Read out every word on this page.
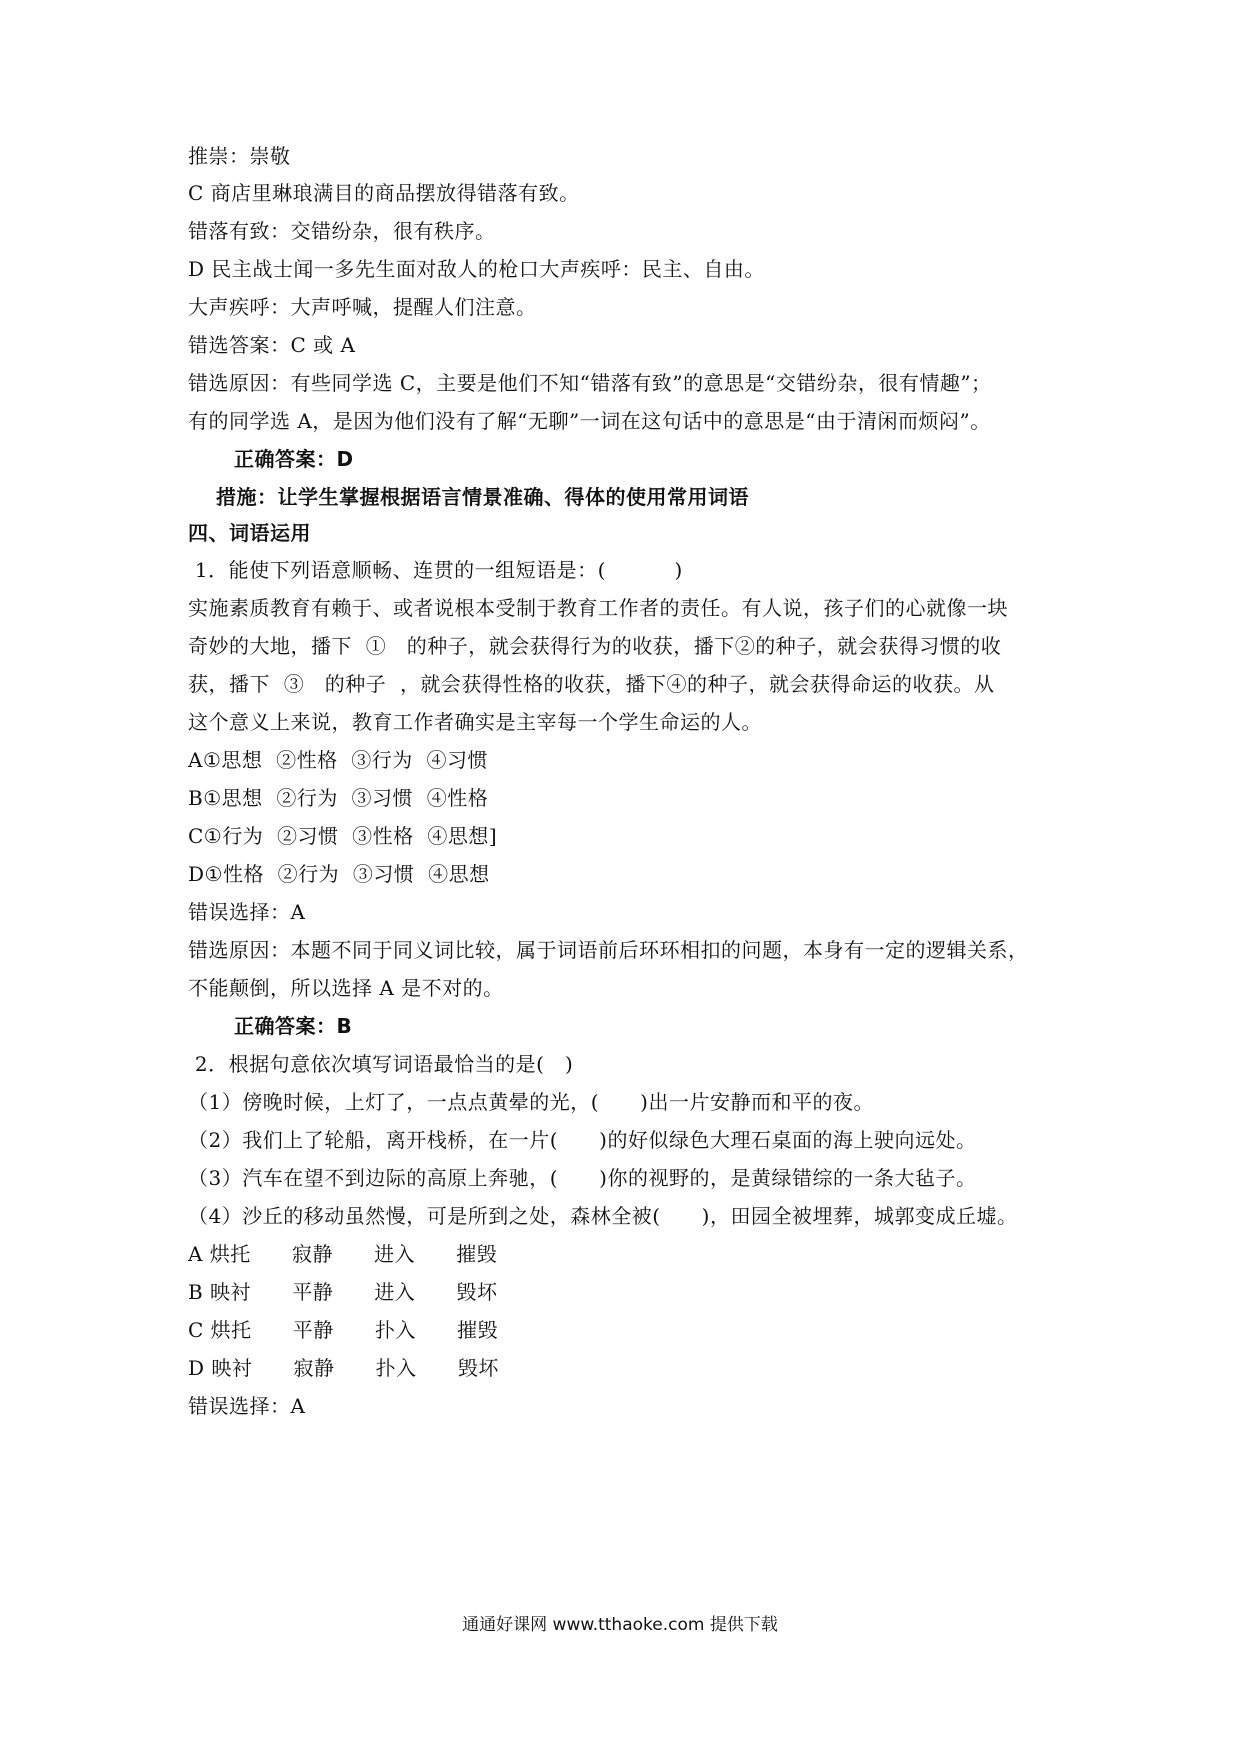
推崇：崇敬
C 商店里琳琅满目的商品摆放得错落有致。
错落有致：交错纷杂，很有秩序。
D 民主战士闻一多先生面对敌人的枪口大声疾呼：民主、自由。
大声疾呼：大声呼喊，提醒人们注意。
错选答案：C 或 A
错选原因：有些同学选 C，主要是他们不知“错落有致”的意思是“交错纷杂，很有情趣”；
有的同学选 A，是因为他们没有了解“无聊”一词在这句话中的意思是“由于清闲而烦闷”。
正确答案：D
措施：让学生掌握根据语言情景准确、得体的使用常用词语
四、词语运用
1．能使下列语意顺畅、连贯的一组短语是：(          )
实施素质教育有赖于、或者说根本受制于教育工作者的责任。有人说，孩子们的心就像一块
奇妙的大地，播下  ①   的种子，就会获得行为的收获，播下②的种子，就会获得习惯的收
获，播下  ③   的种子  ，就会获得性格的收获，播下④的种子，就会获得命运的收获。从
这个意义上来说，教育工作者确实是主宰每一个学生命运的人。
A①思想  ②性格  ③行为  ④习惯
B①思想  ②行为  ③习惯  ④性格
C①行为  ②习惯  ③性格  ④思想]
D①性格  ②行为  ③习惯  ④思想
错误选择：A
错选原因：本题不同于同义词比较，属于词语前后环环相扣的问题，本身有一定的逻辑关系，
不能颠倒，所以选择 A 是不对的。
正确答案：B
2．根据句意依次填写词语最恰当的是(   )
（1）傍晚时候，上灯了，一点点黄晕的光，(      )出一片安静而和平的夜。
（2）我们上了轮船，离开栈桥，在一片(      )的好似绿色大理石桌面的海上驶向远处。
（3）汽车在望不到边际的高原上奔驰，(      )你的视野的，是黄绿错综的一条大毡子。
（4）沙丘的移动虽然慢，可是所到之处，森林全被(      )，田园全被埋葬，城郭变成丘墟。
A 烘托      寂静      进入      摧毁
B 映衬      平静      进入      毁坏
C 烘托      平静      扑入      摧毁
D 映衬      寂静      扑入      毁坏
错误选择：A
通通好课网 www.tthaoke.com 提供下载
